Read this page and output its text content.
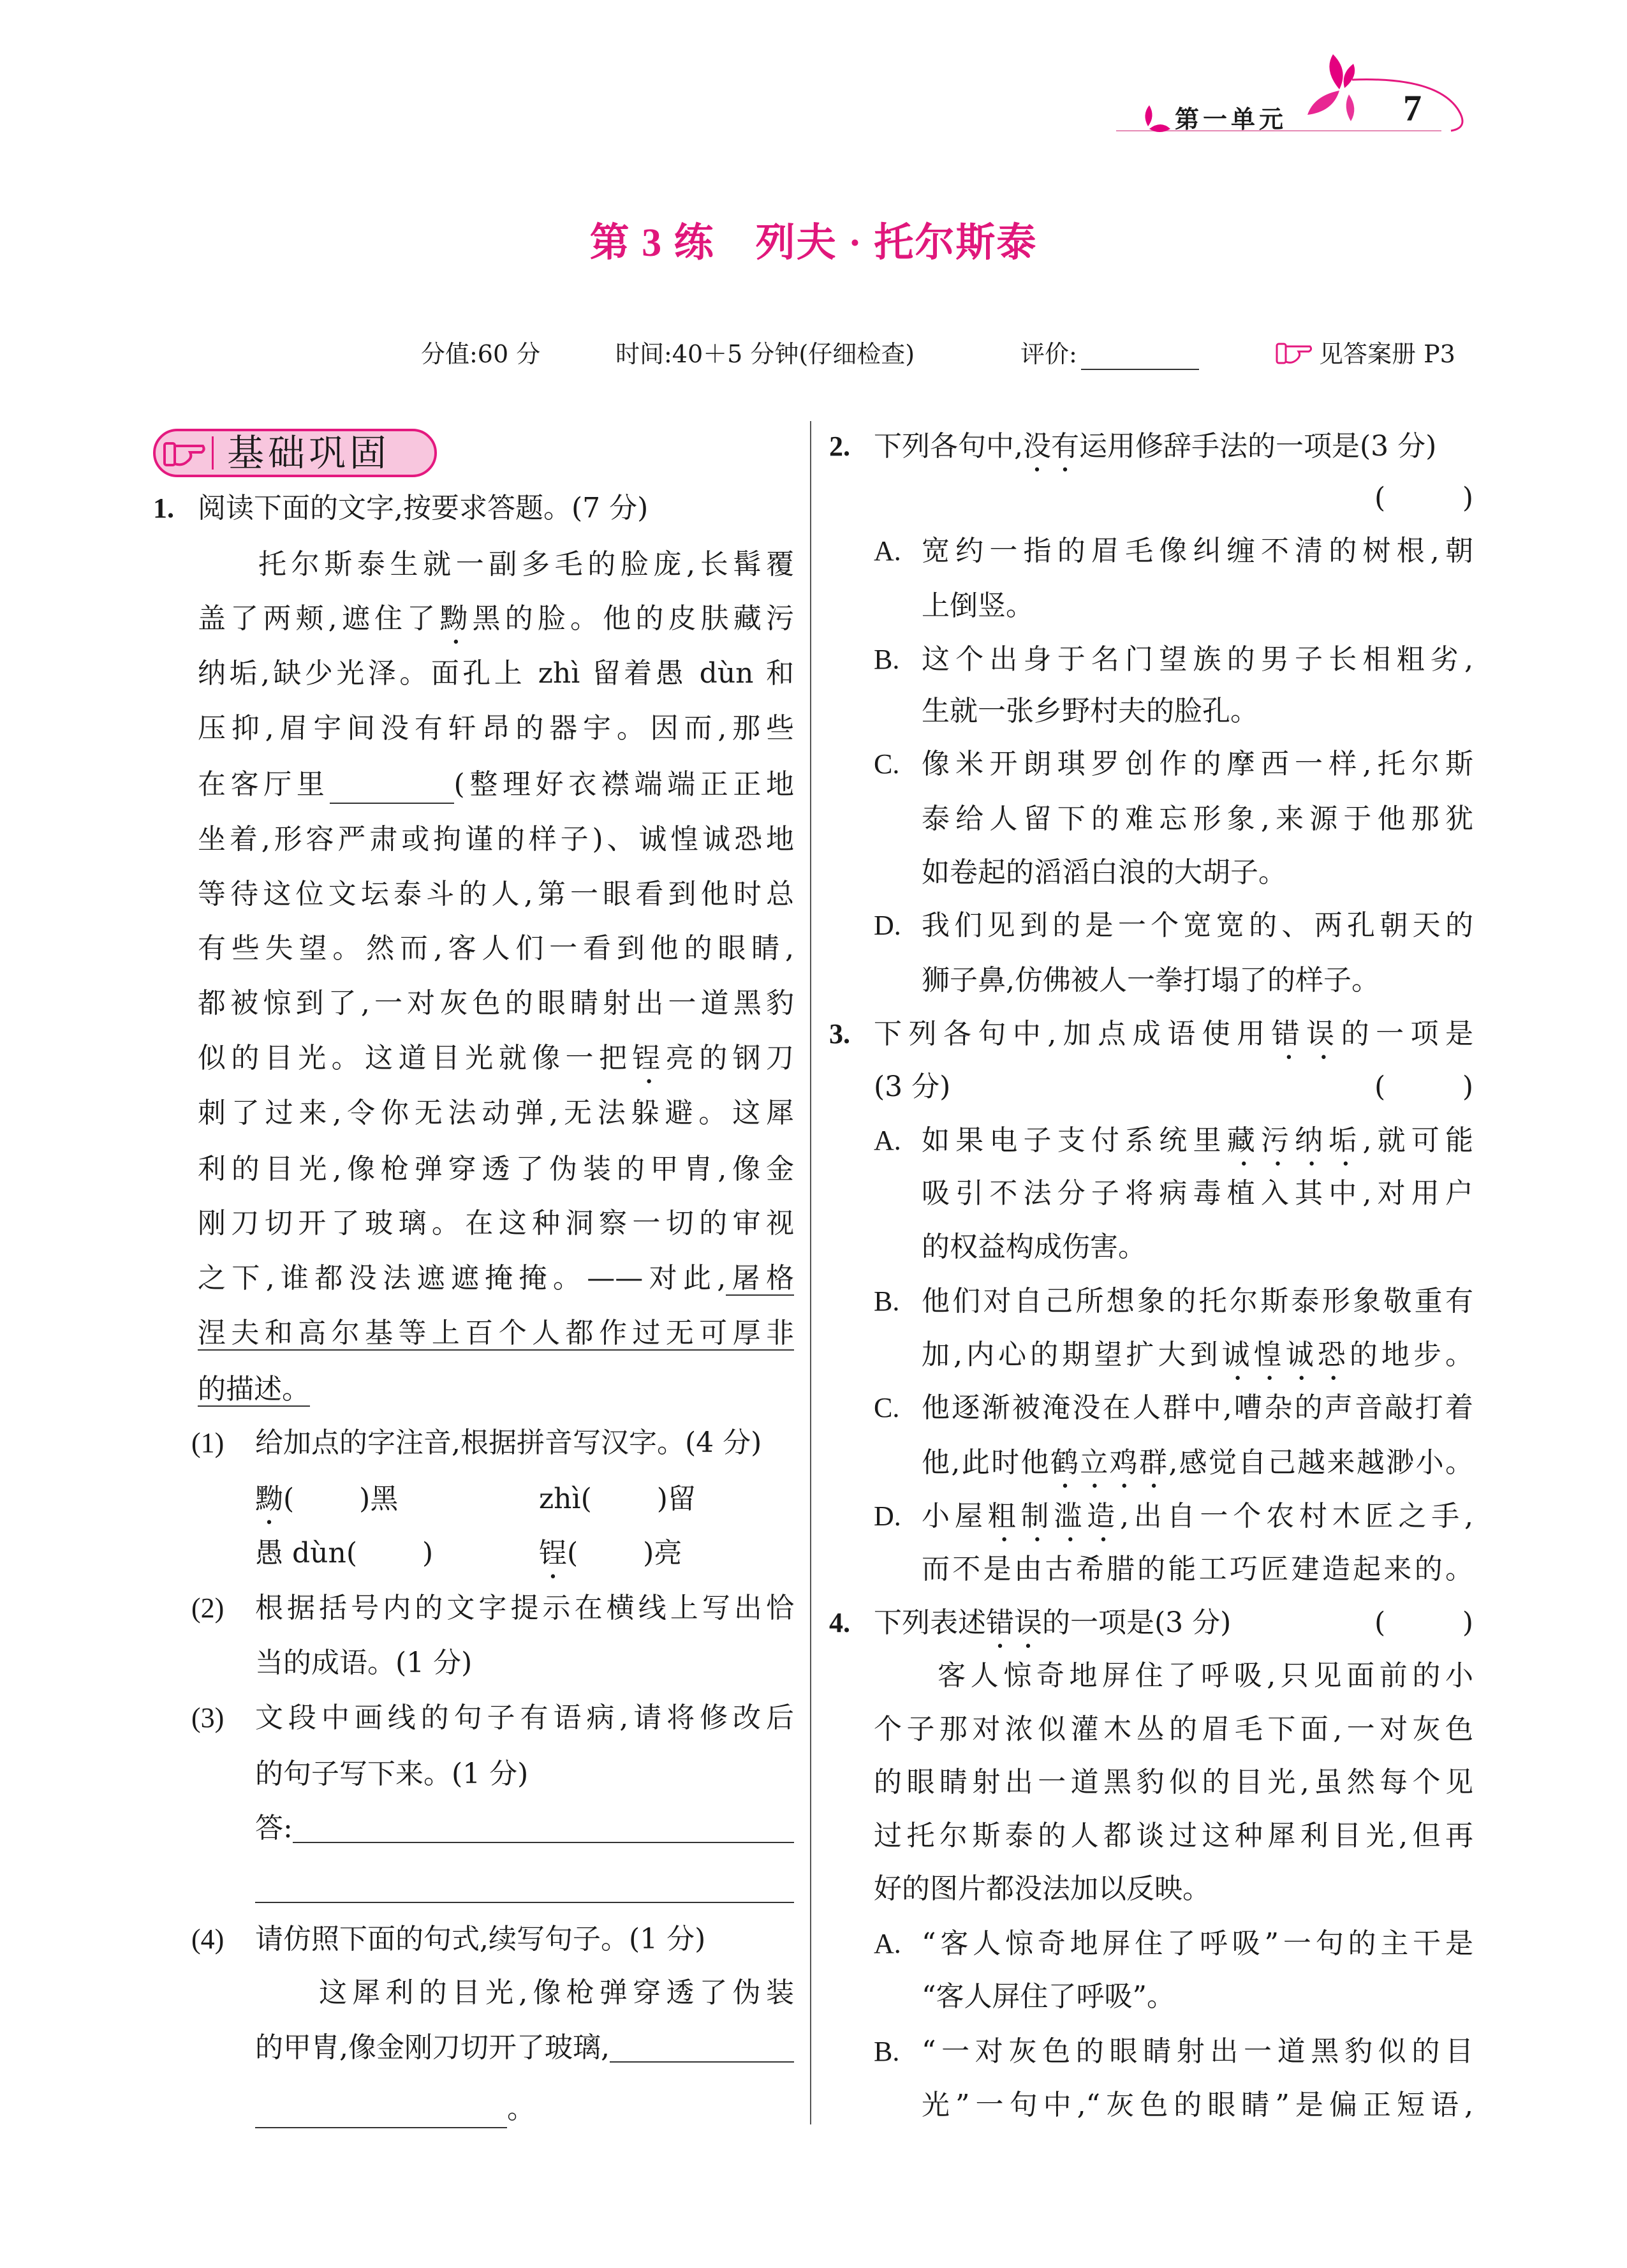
第一单元	7
第 3 练　列夫 · 托尔斯泰
分值:60 分	时间:40＋5 分钟(仔细检查)	评价:	见答案册 P3
基础巩固
1. 阅读下面的文字,按要求答题。(7 分)
托尔斯泰生就一副多毛的脸庞,长髯覆
盖了两颊,遮住了黝黑的脸。他的皮肤藏污
纳垢,缺少光泽。面孔上 zhì 留着愚 dùn 和
压抑,眉宇间没有轩昂的器宇。因而,那些
在客厅里	(整理好衣襟端端正正地
坐着,形容严肃或拘谨的样子)、诚惶诚恐地
等待这位文坛泰斗的人,第一眼看到他时总
有些失望。然而,客人们一看到他的眼睛,
都被惊到了,一对灰色的眼睛射出一道黑豹
似的目光。这道目光就像一把锃亮的钢刀
刺了过来,令你无法动弹,无法躲避。这犀
利的目光,像枪弹穿透了伪装的甲胄,像金
刚刀切开了玻璃。在这种洞察一切的审视
之下,谁都没法遮遮掩掩。——对此,屠格
涅夫和高尔基等上百个人都作过无可厚非
的描述。
(1) 给加点的字注音,根据拼音写汉字。(4 分)
黝(　　 )黑	zhì(　　 )留
愚 dùn(　　 )	锃(　　 )亮
(2) 根据括号内的文字提示在横线上写出恰
当的成语。(1 分)
(3) 文段中画线的句子有语病,请将修改后
的句子写下来。(1 分)
答:
(4) 请仿照下面的句式,续写句子。(1 分)
这犀利的目光,像枪弹穿透了伪装
的甲胄,像金刚刀切开了玻璃,
。
2. 下列各句中,没有运用修辞手法的一项是(3 分)
(　　)
A. 宽约一指的眉毛像纠缠不清的树根,朝
上倒竖。
B. 这个出身于名门望族的男子长相粗劣,
生就一张乡野村夫的脸孔。
C. 像米开朗琪罗创作的摩西一样,托尔斯
泰给人留下的难忘形象,来源于他那犹
如卷起的滔滔白浪的大胡子。
D. 我们见到的是一个宽宽的、两孔朝天的
狮子鼻,仿佛被人一拳打塌了的样子。
3. 下列各句中,加点成语使用错误的一项是
(3 分)	(　　)
A. 如果电子支付系统里藏污纳垢,就可能
吸引不法分子将病毒植入其中,对用户
的权益构成伤害。
B. 他们对自己所想象的托尔斯泰形象敬重有
加,内心的期望扩大到诚惶诚恐的地步。
C. 他逐渐被淹没在人群中,嘈杂的声音敲打着
他,此时他鹤立鸡群,感觉自己越来越渺小。
D. 小屋粗制滥造,出自一个农村木匠之手,
而不是由古希腊的能工巧匠建造起来的。
4. 下列表述错误的一项是(3 分)	(　　)
客人惊奇地屏住了呼吸,只见面前的小
个子那对浓似灌木丛的眉毛下面,一对灰色
的眼睛射出一道黑豹似的目光,虽然每个见
过托尔斯泰的人都谈过这种犀利目光,但再
好的图片都没法加以反映。
A. “客人惊奇地屏住了呼吸”一句的主干是
“客人屏住了呼吸”。
B. “一对灰色的眼睛射出一道黑豹似的目
光”一句中,“灰色的眼睛”是偏正短语,
